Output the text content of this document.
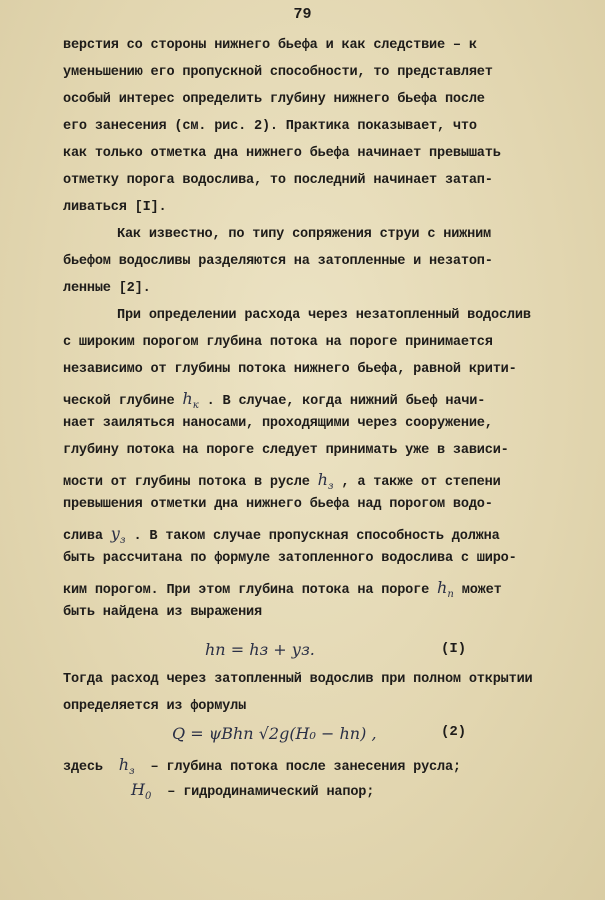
79
верстия со стороны нижнего бьефа и как следствие – к
уменьшению его пропускной способности, то представляет
особый интерес определить глубину нижнего бьефа после
его занесения (см. рис. 2). Практика показывает, что
как только отметка дна нижнего бьефа начинает превышать
отметку порога водослива, то последний начинает затап-
ливаться [I].
Как известно, по типу сопряжения струи с нижним
бьефом водосливы разделяются на затопленные и незатоп-
ленные [2].
При определении расхода через незатопленный водослив
с широким порогом глубина потока на пороге принимается
независимо от глубины потока нижнего бьефа, равной крити-
ческой глубине $h_к$ . В случае, когда нижний бьеф начи-
нает заиляться наносами, проходящими через сооружение,
глубину потока на пороге следует принимать уже в зависи-
мости от глубины потока в русле $h_з$ , а также от степени
превышения отметки дна нижнего бьефа над порогом водо-
слива $у_з$ . В таком случае пропускная способность должна
быть рассчитана по формуле затопленного водослива с широ-
ким порогом. При этом глубина потока на пороге $h_п$ может
быть найдена из выражения
hп = hз + уз.	(I)
Тогда расход через затопленный водослив при полном открытии
определяется из формулы
Q = ψBhп √2g(H₀ − hп) ,	(2)
здесь $h_з$ – глубина потока после занесения русла;
$H_0$ – гидродинамический напор;
